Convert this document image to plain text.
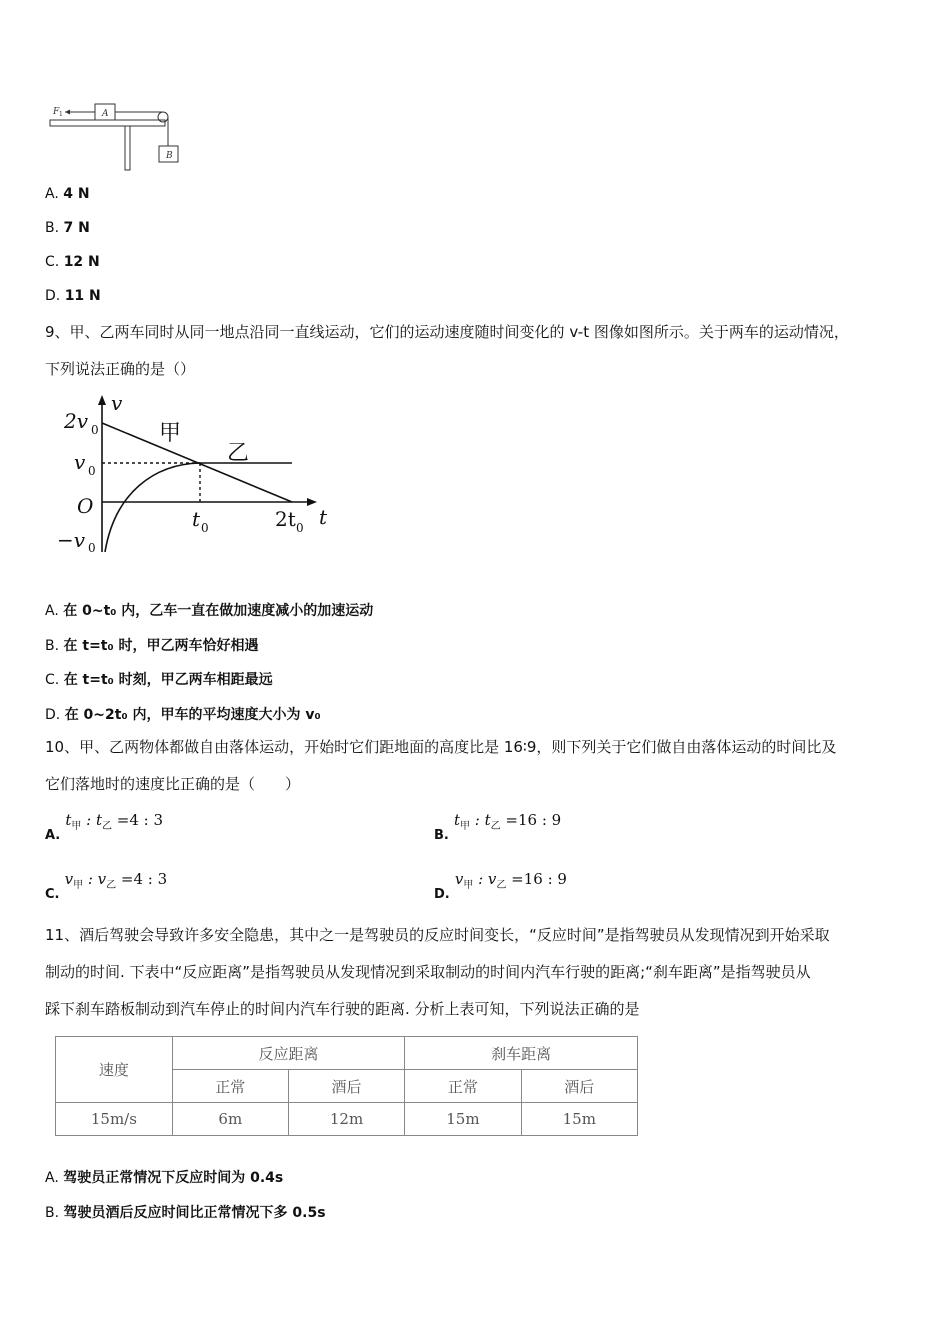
F 1	A
B
A. 4 N
B. 7 N
C. 12 N
D. 11 N
9、甲、乙两车同时从同一地点沿同一直线运动，它们的运动速度随时间变化的 v-t 图像如图所示。关于两车的运动情况，
下列说法正确的是（）
v
t
2v 0
v 0
−v 0
O
t 0	2t 0
甲
乙
A. 在 0~t₀ 内，乙车一直在做加速度减小的加速运动
B. 在 t=t₀ 时，甲乙两车恰好相遇
C. 在 t=t₀ 时刻，甲乙两车相距最远
D. 在 0~2t₀ 内，甲车的平均速度大小为 v₀
10、甲、乙两物体都做自由落体运动，开始时它们距地面的高度比是 16∶9，则下列关于它们做自由落体运动的时间比及
它们落地时的速度比正确的是（　　）
$_{A.}$ $t_甲$ : $t_乙 =4$ : 3
$_{B.}$ $t_甲$ : $t_乙 =16$ : 9
$_{C.}$ $v_甲$ : $v_乙 =4$ : 3
$_{D.}$ $v_甲$ : $v_乙 =16$ : 9
11、酒后驾驶会导致许多安全隐患，其中之一是驾驶员的反应时间变长，“反应时间”是指驾驶员从发现情况到开始采取
制动的时间. 下表中“反应距离”是指驾驶员从发现情况到采取制动的时间内汽车行驶的距离;“刹车距离”是指驾驶员从
踩下刹车踏板制动到汽车停止的时间内汽车行驶的距离. 分析上表可知，下列说法正确的是
速度	反应距离		刹车距离	
	正常	酒后	正常	酒后
15m/s	6m	12m	15m	15m
A. 驾驶员正常情况下反应时间为 0.4s
B. 驾驶员酒后反应时间比正常情况下多 0.5s
